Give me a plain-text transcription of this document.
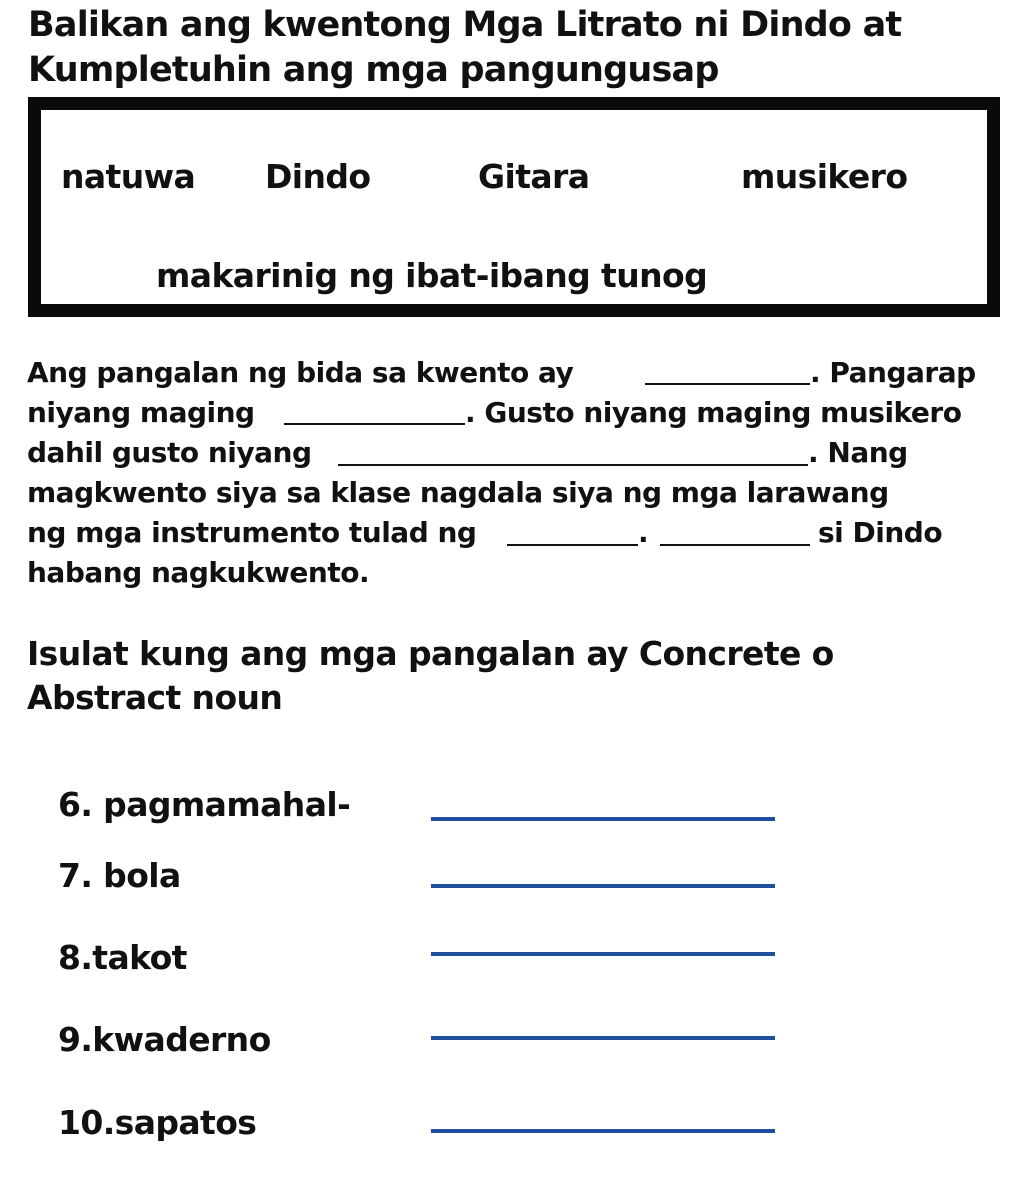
Balikan ang kwentong Mga Litrato ni Dindo at
Kumpletuhin ang mga pangungusap
natuwa Dindo	Gitara	musikero
makarinig ng ibat-ibang tunog
Ang pangalan ng bida sa kwento ay	. Pangarap
niyang maging	. Gusto niyang maging musikero
dahil gusto niyang	. Nang
magkwento siya sa klase nagdala siya ng mga larawang
ng mga instrumento tulad ng	.	si Dindo
habang nagkukwento.
Isulat kung ang mga pangalan ay Concrete o
Abstract noun
6. pagmamahal-
7. bola
8.takot
9.kwaderno
10.sapatos
